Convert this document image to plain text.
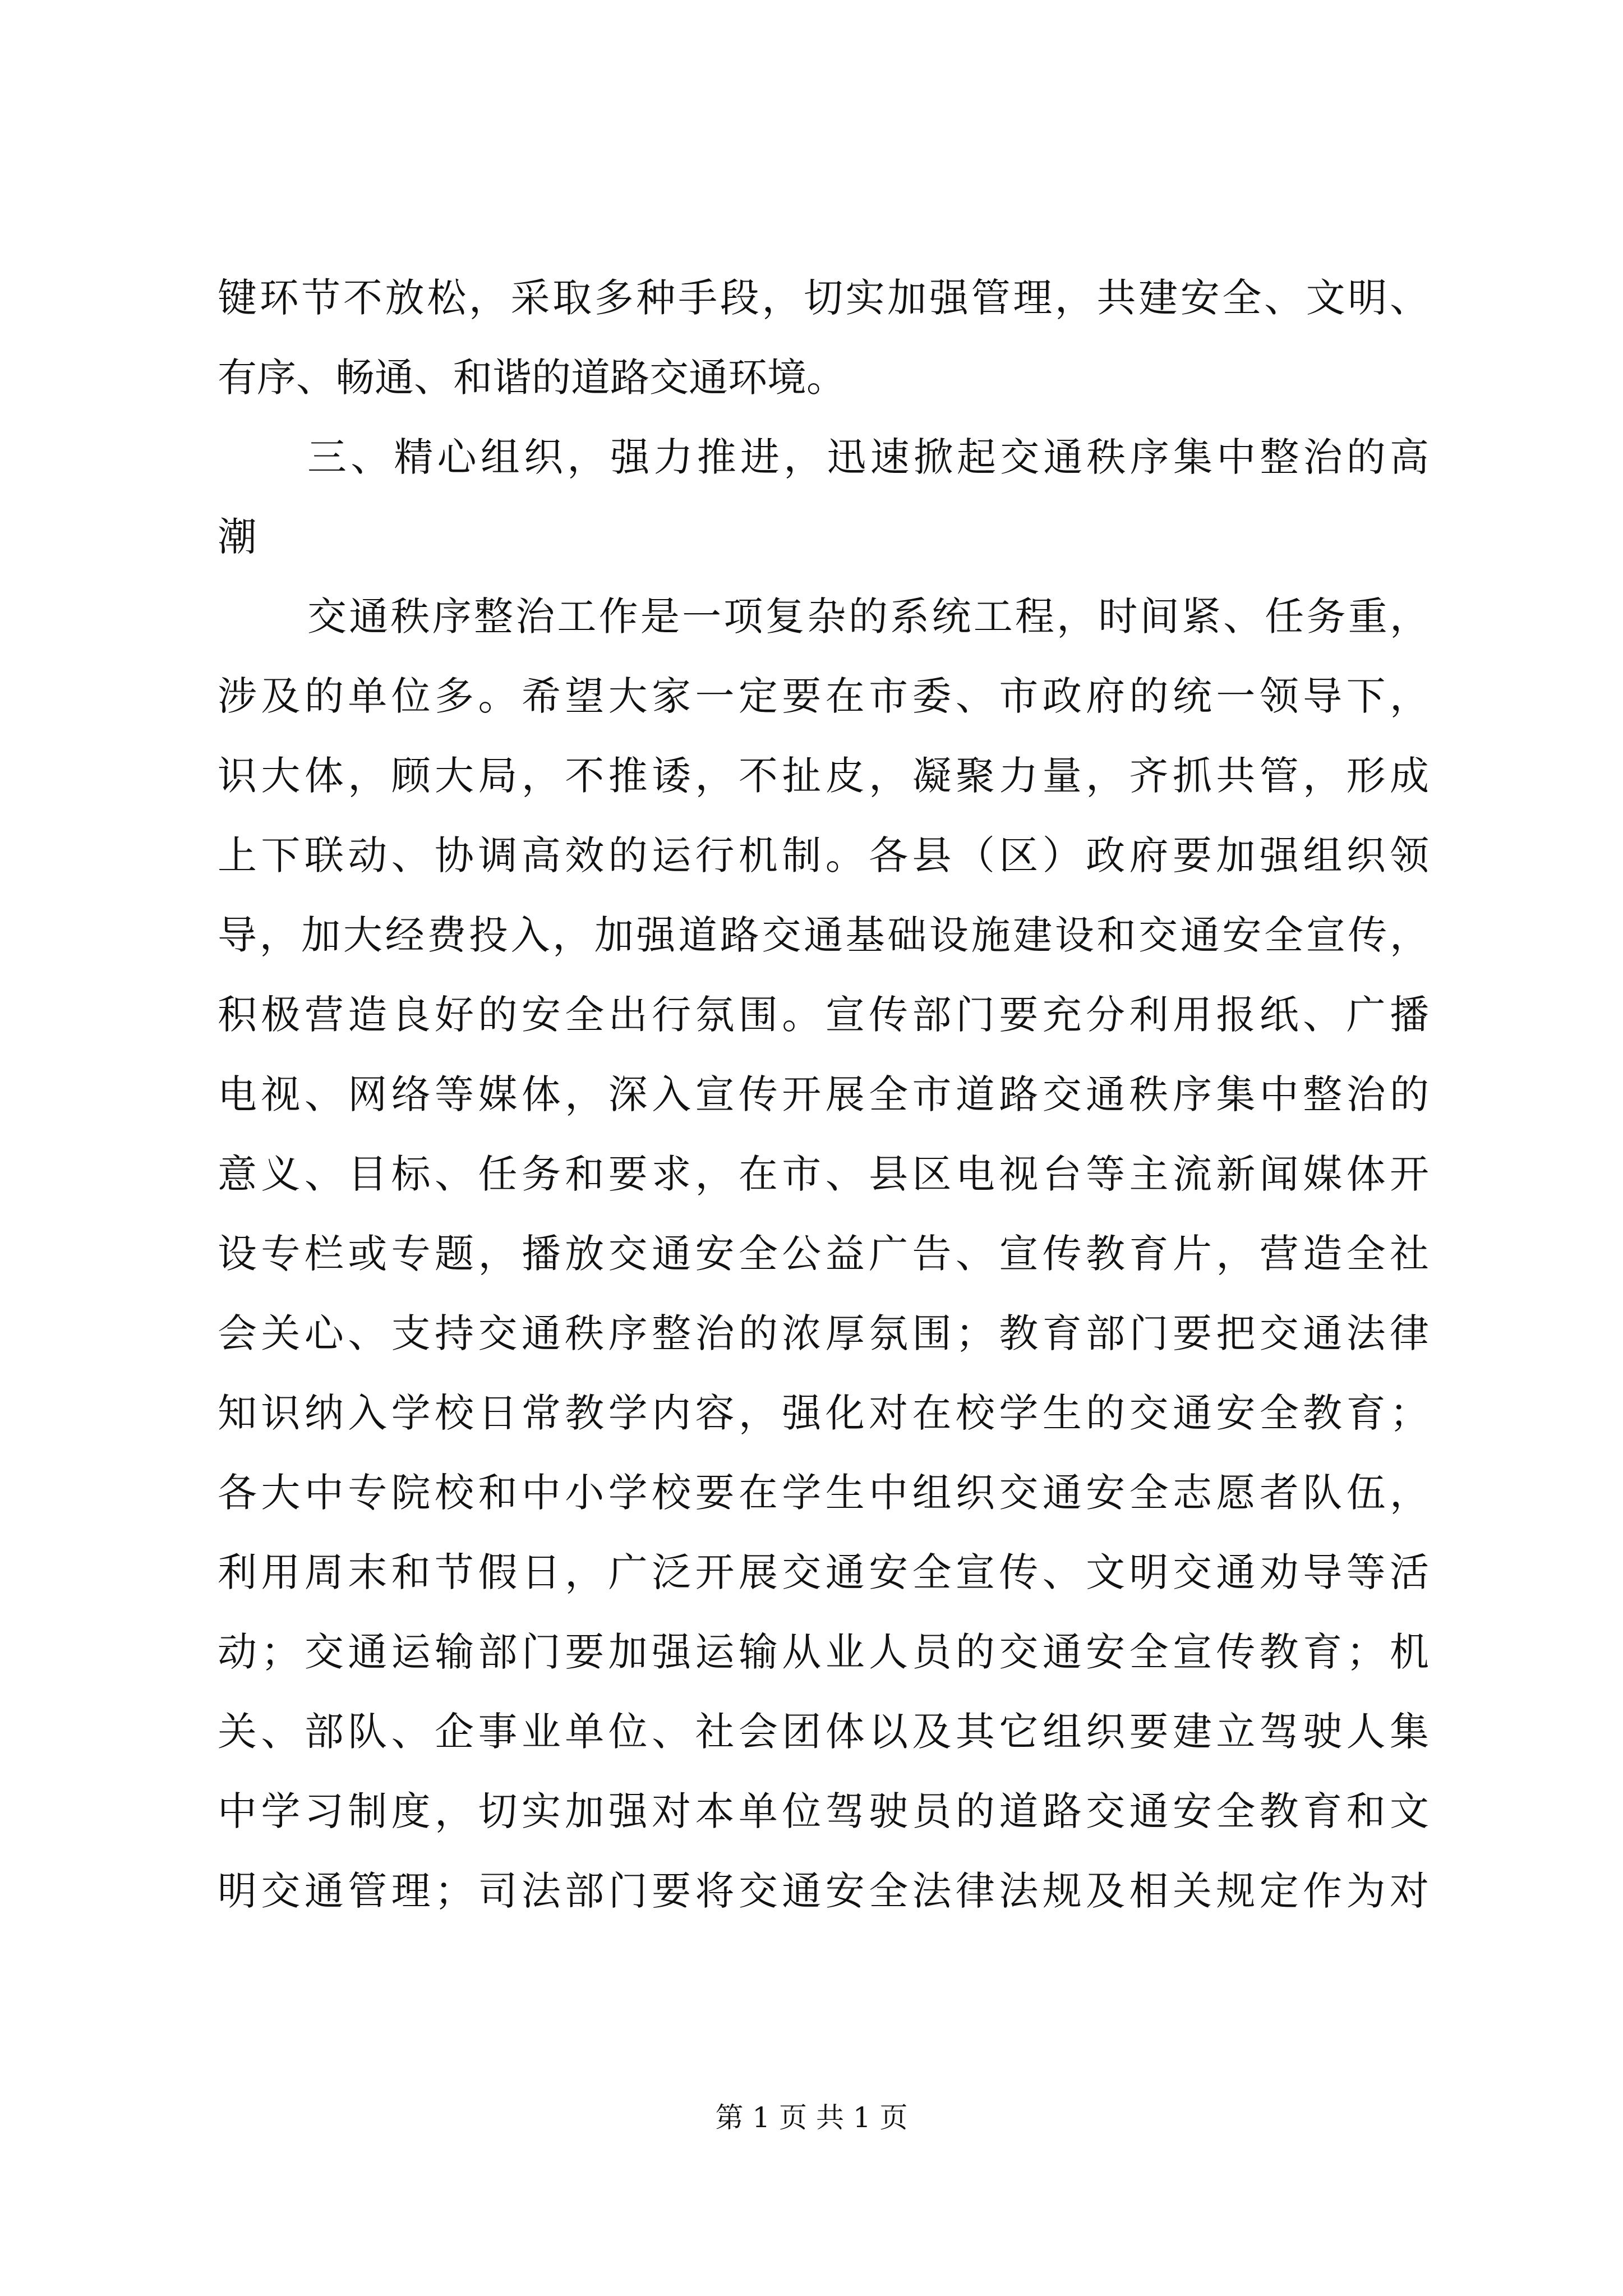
键环节不放松，采取多种手段，切实加强管理，共建安全、文明、
有序、畅通、和谐的道路交通环境。
三、精心组织，强力推进，迅速掀起交通秩序集中整治的高
潮
交通秩序整治工作是一项复杂的系统工程，时间紧、任务重，
涉及的单位多。希望大家一定要在市委、市政府的统一领导下，
识大体，顾大局，不推诿，不扯皮，凝聚力量，齐抓共管，形成
上下联动、协调高效的运行机制。各县（区）政府要加强组织领
导，加大经费投入，加强道路交通基础设施建设和交通安全宣传，
积极营造良好的安全出行氛围。宣传部门要充分利用报纸、广播
电视、网络等媒体，深入宣传开展全市道路交通秩序集中整治的
意义、目标、任务和要求，在市、县区电视台等主流新闻媒体开
设专栏或专题，播放交通安全公益广告、宣传教育片，营造全社
会关心、支持交通秩序整治的浓厚氛围；教育部门要把交通法律
知识纳入学校日常教学内容，强化对在校学生的交通安全教育；
各大中专院校和中小学校要在学生中组织交通安全志愿者队伍，
利用周末和节假日，广泛开展交通安全宣传、文明交通劝导等活
动；交通运输部门要加强运输从业人员的交通安全宣传教育；机
关、部队、企事业单位、社会团体以及其它组织要建立驾驶人集
中学习制度，切实加强对本单位驾驶员的道路交通安全教育和文
明交通管理；司法部门要将交通安全法律法规及相关规定作为对
第 1 页 共 1 页
